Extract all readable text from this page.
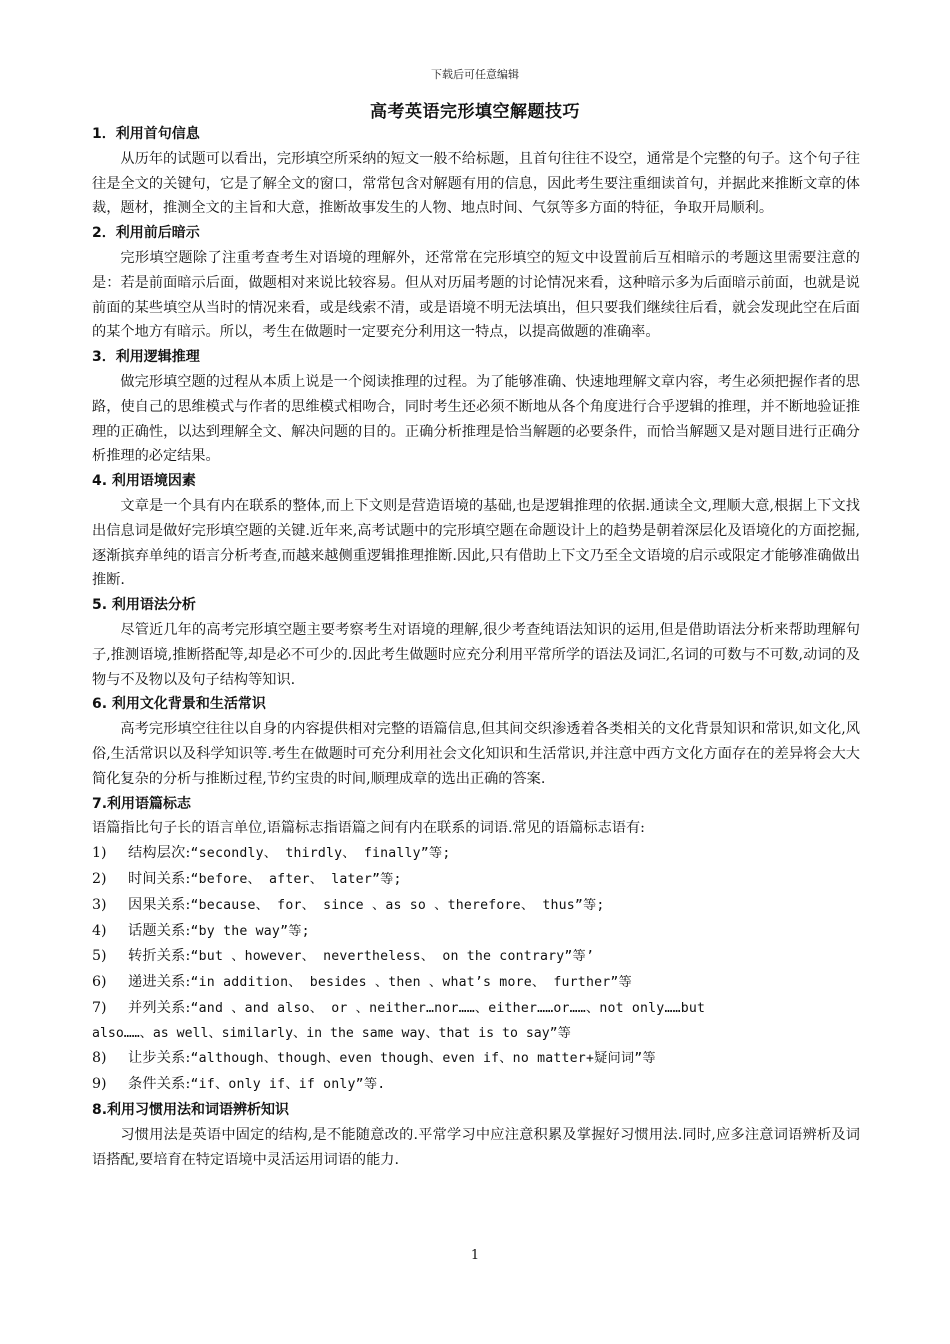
下载后可任意编辑
高考英语完形填空解题技巧

1．利用首句信息

从历年的试题可以看出，完形填空所采纳的短文一般不给标题，且首句往往不设空，通常是个完整的句子。这个句子往往是全文的关键句，它是了解全文的窗口，常常包含对解题有用的信息，因此考生要注重细读首句，并据此来推断文章的体裁，题材，推测全文的主旨和大意，推断故事发生的人物、地点时间、气氛等多方面的特征，争取开局顺利。

2．利用前后暗示

完形填空题除了注重考查考生对语境的理解外，还常常在完形填空的短文中设置前后互相暗示的考题这里需要注意的是：若是前面暗示后面，做题相对来说比较容易。但从对历届考题的讨论情况来看，这种暗示多为后面暗示前面，也就是说前面的某些填空从当时的情况来看，或是线索不清，或是语境不明无法填出，但只要我们继续往后看，就会发现此空在后面的某个地方有暗示。所以，考生在做题时一定要充分利用这一特点，以提高做题的准确率。

3．利用逻辑推理

做完形填空题的过程从本质上说是一个阅读推理的过程。为了能够准确、快速地理解文章内容，考生必须把握作者的思路，使自己的思维模式与作者的思维模式相吻合，同时考生还必须不断地从各个角度进行合乎逻辑的推理，并不断地验证推理的正确性，以达到理解全文、解决问题的目的。正确分析推理是恰当解题的必要条件，而恰当解题又是对题目进行正确分析推理的必定结果。

4. 利用语境因素

文章是一个具有内在联系的整体,而上下文则是营造语境的基础,也是逻辑推理的依据.通读全文,理顺大意,根据上下文找出信息词是做好完形填空题的关键.近年来,高考试题中的完形填空题在命题设计上的趋势是朝着深层化及语境化的方面挖掘,逐渐摈弃单纯的语言分析考查,而越来越侧重逻辑推理推断.因此,只有借助上下文乃至全文语境的启示或限定才能够准确做出推断.

5. 利用语法分析

尽管近几年的高考完形填空题主要考察考生对语境的理解,很少考查纯语法知识的运用,但是借助语法分析来帮助理解句子,推测语境,推断搭配等,却是必不可少的.因此考生做题时应充分利用平常所学的语法及词汇,名词的可数与不可数,动词的及物与不及物以及句子结构等知识.

6. 利用文化背景和生活常识

高考完形填空往往以自身的内容提供相对完整的语篇信息,但其间交织渗透着各类相关的文化背景知识和常识,如文化,风俗,生活常识以及科学知识等.考生在做题时可充分利用社会文化知识和生活常识,并注意中西方文化方面存在的差异将会大大简化复杂的分析与推断过程,节约宝贵的时间,顺理成章的选出正确的答案.

7.利用语篇标志

语篇指比句子长的语言单位,语篇标志指语篇之间有内在联系的词语.常见的语篇标志语有:

1)	结构层次:“secondly、 thirdly、 finally”等;
2)	时间关系:“before、 after、 later”等;
3)	因果关系:“because、 for、 since 、as so 、therefore、 thus”等;
4)	话题关系:“by the way”等;
5)	转折关系:“but 、however、 nevertheless、 on the contrary”等’
6)	递进关系:“in addition、 besides 、then 、what’s more、 further”等
7)	并列关系:“and 、and also、 or 、neither…nor……、either……or……、not only……but

also……、as well、similarly、in the same way、that is to say”等

8)	让步关系:“although、though、even though、even if、no matter+疑问词”等
9)	条件关系:“if、only if、if only”等.

8.利用习惯用法和词语辨析知识

习惯用法是英语中固定的结构,是不能随意改的.平常学习中应注意积累及掌握好习惯用法.同时,应多注意词语辨析及词语搭配,要培育在特定语境中灵活运用词语的能力.

1
